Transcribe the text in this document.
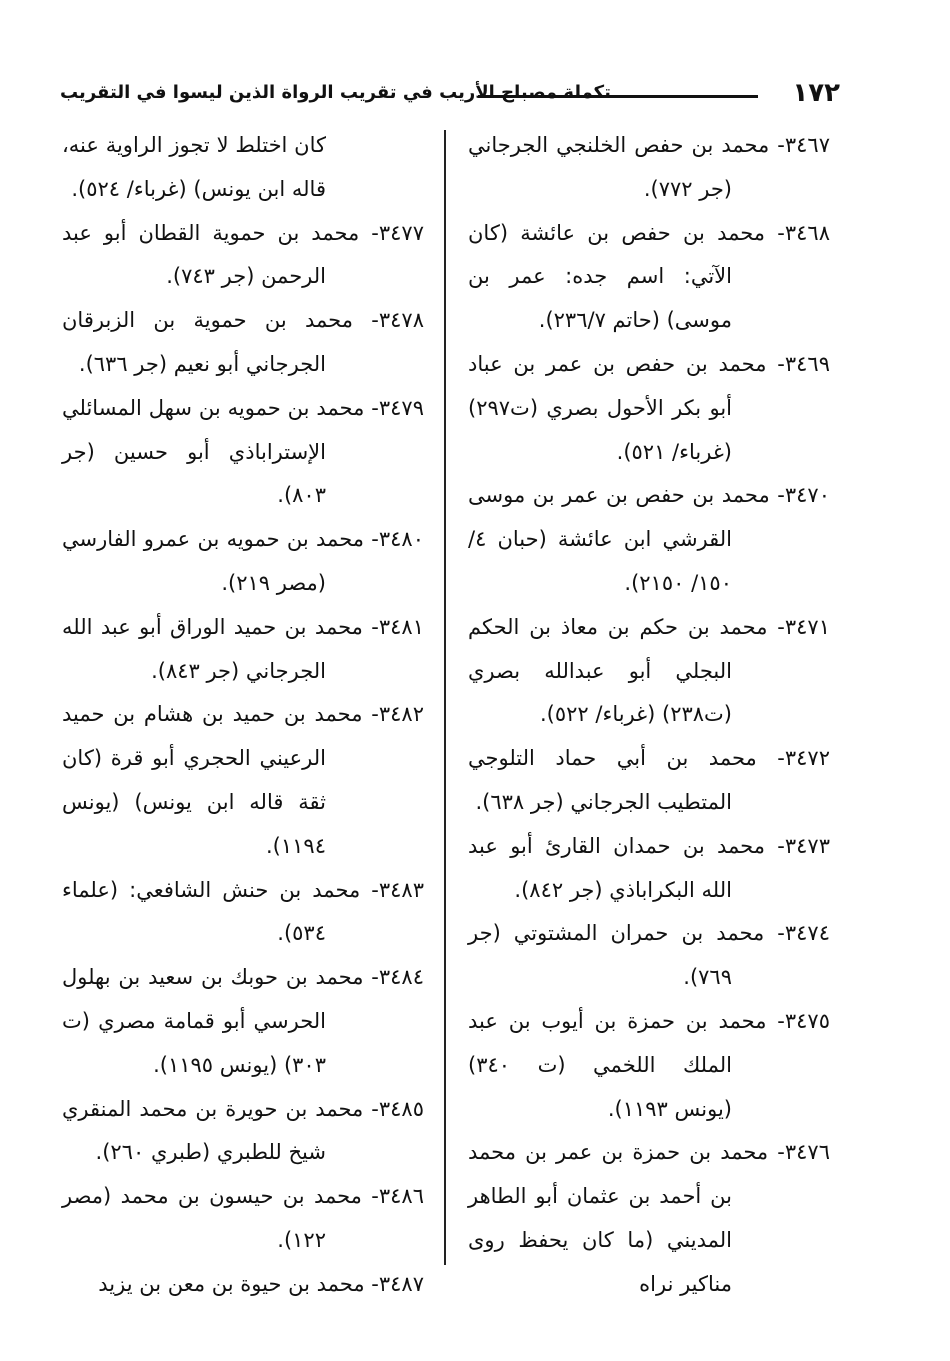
١٧٢
تكملة مصباح الأريب في تقريب الرواة الذين ليسوا في التقريب

٣٤٦٧- محمد بن حفص الخلنجي الجرجاني (جر ٧٧٢).

٣٤٦٨- محمد بن حفص بن عائشة (كان الآتي: اسم جده: عمر بن موسى) (حاتم ٢٣٦/٧).

٣٤٦٩- محمد بن حفص بن عمر بن عباد أبو بكر الأحول بصري (ت٢٩٧) (غرباء/ ٥٢١).

٣٤٧٠- محمد بن حفص بن عمر بن موسى القرشي ابن عائشة (حبان ٤/ ١٥٠/ ٢١٥٠).

٣٤٧١- محمد بن حكم بن معاذ بن الحكم البجلي أبو عبدالله بصري (ت٢٣٨) (غرباء/ ٥٢٢).

٣٤٧٢- محمد بن أبي حماد التلوجي المتطيب الجرجاني (جر ٦٣٨).

٣٤٧٣- محمد بن حمدان القارئ أبو عبد الله البكراباذي (جر ٨٤٢).

٣٤٧٤- محمد بن حمران المشتوتي (جر ٧٦٩).

٣٤٧٥- محمد بن حمزة بن أيوب بن عبد الملك اللخمي (ت ٣٤٠) (يونس ١١٩٣).

٣٤٧٦- محمد بن حمزة بن عمر بن محمد بن أحمد بن عثمان أبو الطاهر المديني (ما كان يحفظ روى مناكير نراه

كان اختلط لا تجوز الراوية عنه، قاله ابن يونس) (غرباء/ ٥٢٤).

٣٤٧٧- محمد بن حموية القطان أبو عبد الرحمن (جر ٧٤٣).

٣٤٧٨- محمد بن حموية بن الزبرقان الجرجاني أبو نعيم (جر ٦٣٦).

٣٤٧٩- محمد بن حمويه بن سهل المسائلي الإستراباذي أبو حسين (جر ٨٠٣).

٣٤٨٠- محمد بن حمويه بن عمرو الفارسي (مصر ٢١٩).

٣٤٨١- محمد بن حميد الوراق أبو عبد الله الجرجاني (جر ٨٤٣).

٣٤٨٢- محمد بن حميد بن هشام بن حميد الرعيني الحجري أبو قرة (كان ثقة قاله ابن يونس) (يونس ١١٩٤).

٣٤٨٣- محمد بن حنش الشافعي: (علماء ٥٣٤).

٣٤٨٤- محمد بن حوبك بن سعيد بن بهلول الحرسي أبو قمامة مصري (ت ٣٠٣) (يونس ١١٩٥).

٣٤٨٥- محمد بن حويرة بن محمد المنقري شيخ للطبري (طبري ٢٦٠).

٣٤٨٦- محمد بن حيسون بن محمد (مصر ١٢٢).

٣٤٨٧- محمد بن حيوة بن معن بن يزيد
